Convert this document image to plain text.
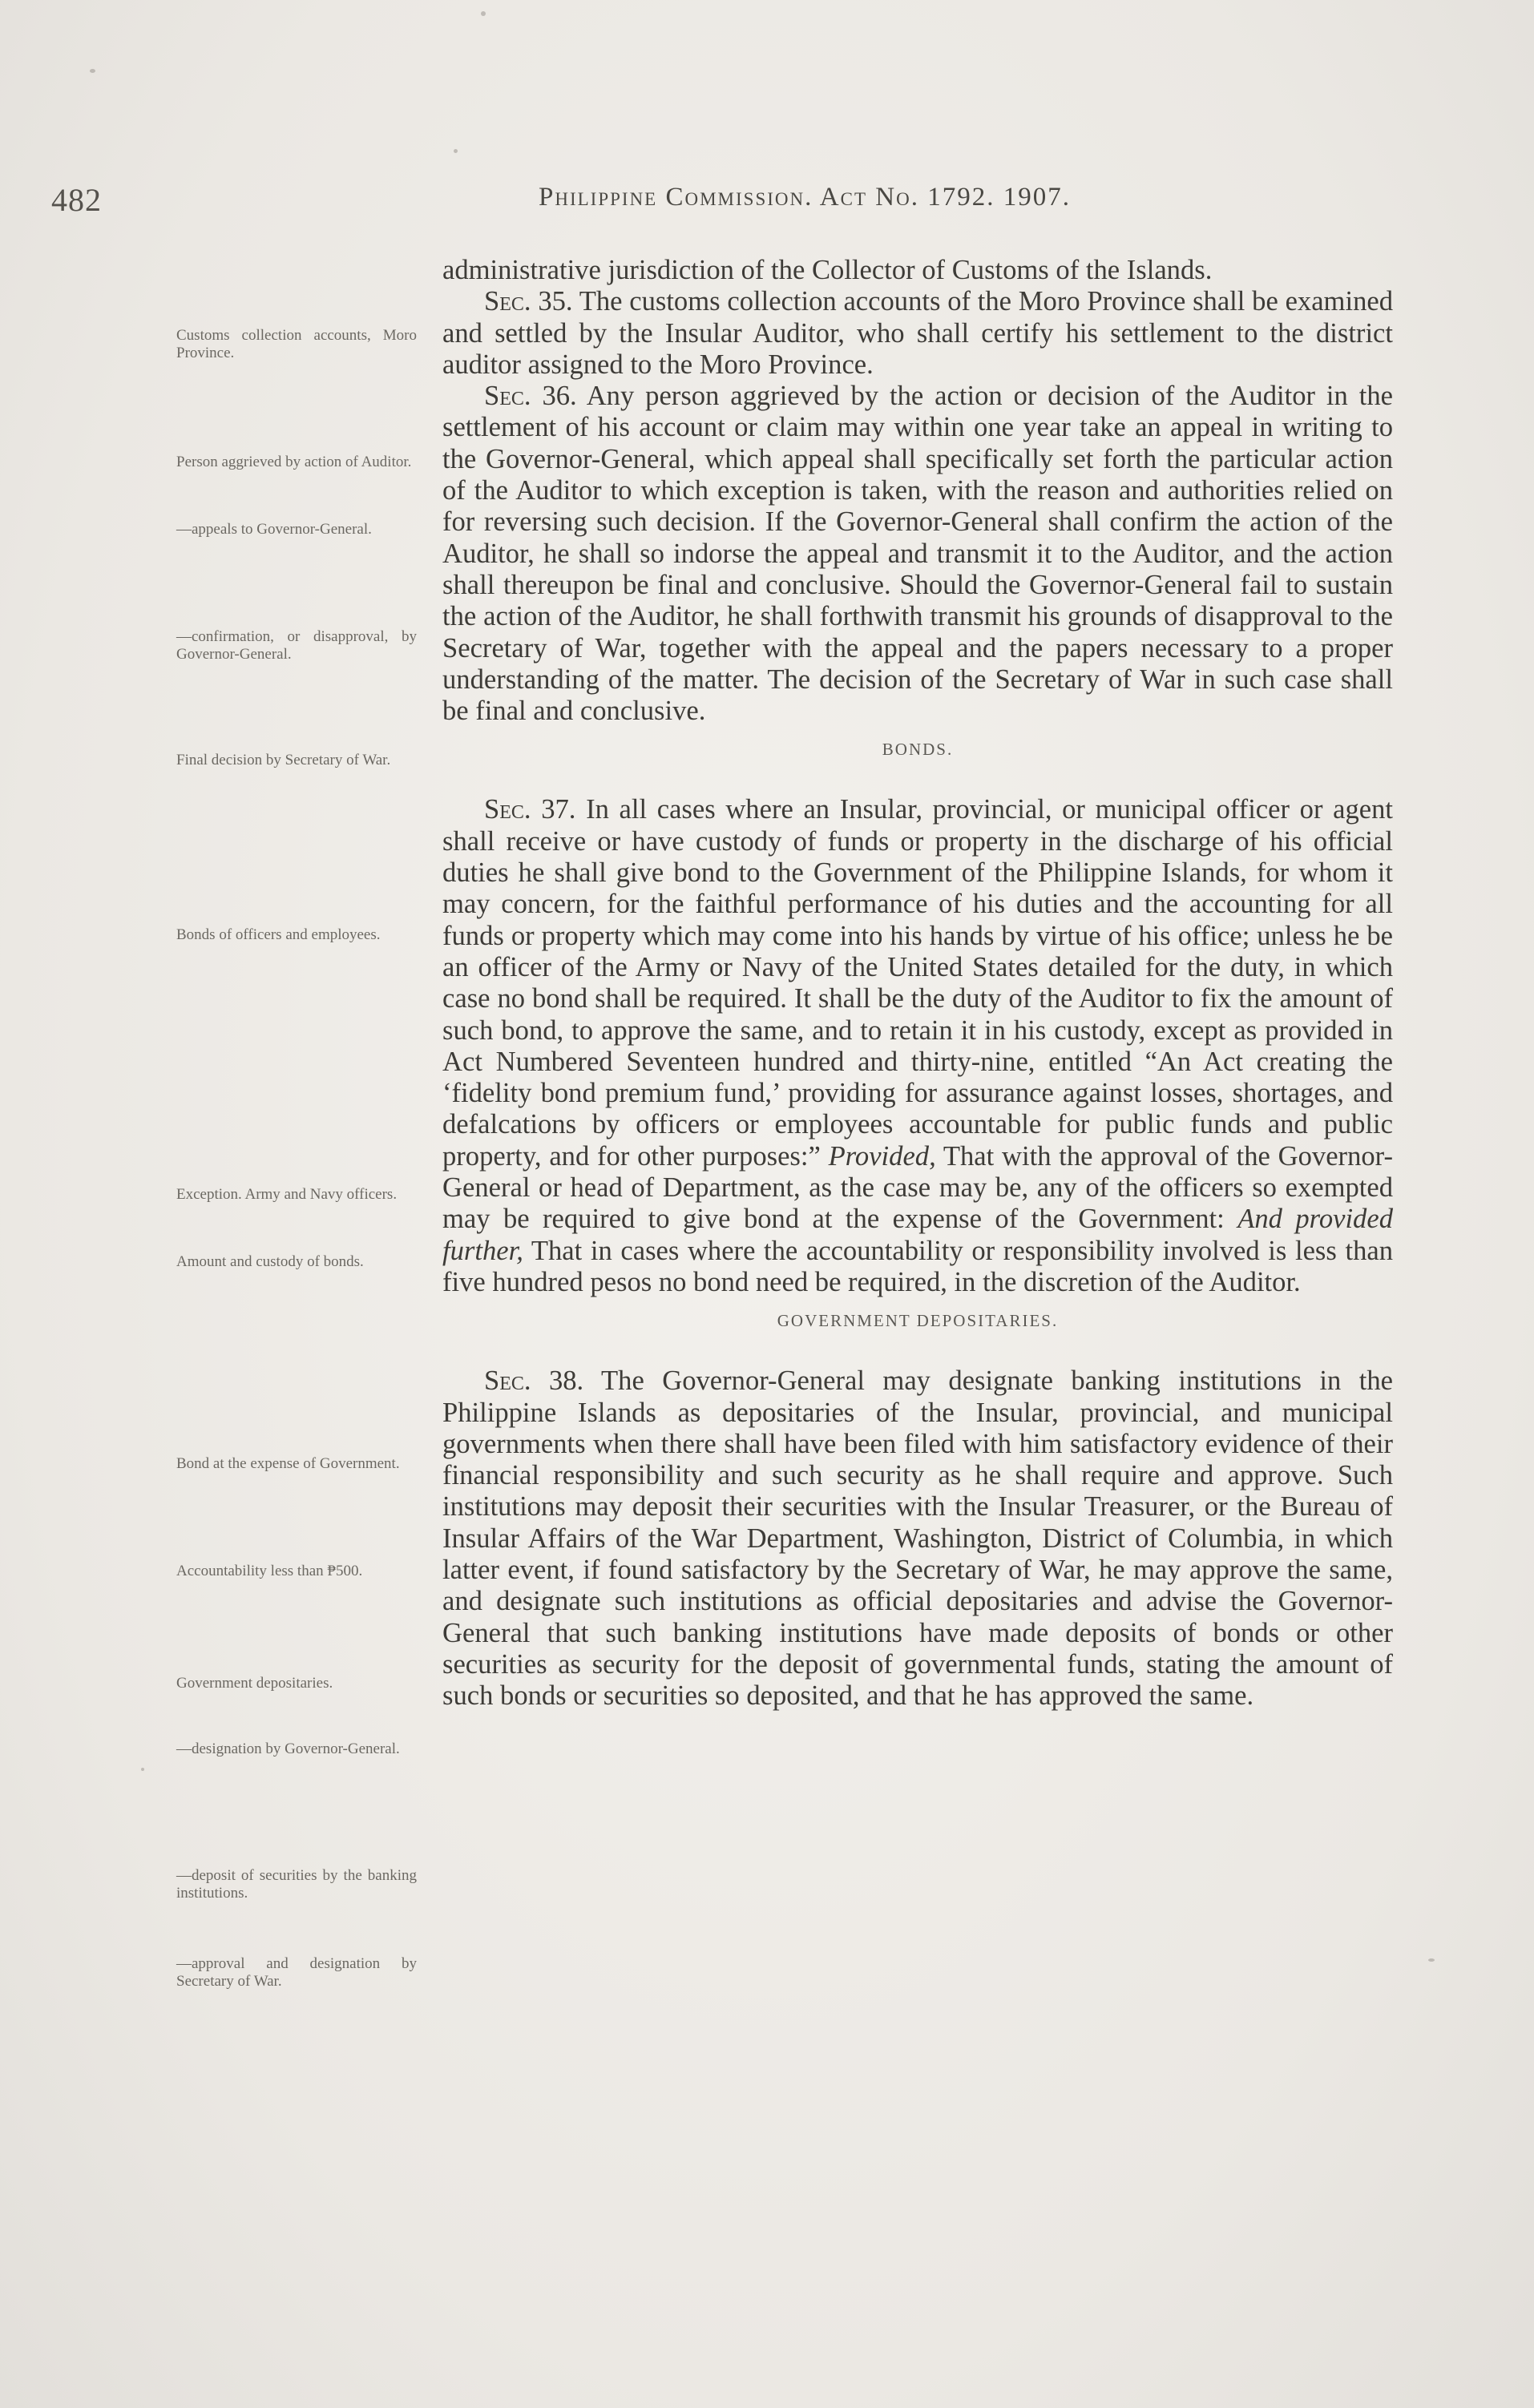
482	Philippine Commission. Act No. 1792. 1907.
Customs collection accounts, Moro Province.
Person aggrieved by action of Auditor.
—appeals to Governor-General.
—confirmation, or disapproval, by Governor-General.
Final decision by Secretary of War.
Bonds of officers and employees.
Exception. Army and Navy officers.
Amount and custody of bonds.
Bond at the expense of Government.
Accountability less than ₱500.
Government depositaries.
—designation by Governor-General.
—deposit of securities by the banking institutions.
—approval and designation by Secretary of War.

administrative jurisdiction of the Collector of Customs of the Islands.

Sec. 35. The customs collection accounts of the Moro Province shall be examined and settled by the Insular Auditor, who shall certify his settlement to the district auditor assigned to the Moro Province.

Sec. 36. Any person aggrieved by the action or decision of the Auditor in the settlement of his account or claim may within one year take an appeal in writing to the Governor-General, which appeal shall specifically set forth the particular action of the Auditor to which exception is taken, with the reason and authorities relied on for reversing such decision. If the Governor-General shall confirm the action of the Auditor, he shall so indorse the appeal and transmit it to the Auditor, and the action shall thereupon be final and conclusive. Should the Governor-General fail to sustain the action of the Auditor, he shall forthwith transmit his grounds of disapproval to the Secretary of War, together with the appeal and the papers necessary to a proper understanding of the matter. The decision of the Secretary of War in such case shall be final and conclusive.

BONDS.

Sec. 37. In all cases where an Insular, provincial, or municipal officer or agent shall receive or have custody of funds or property in the discharge of his official duties he shall give bond to the Government of the Philippine Islands, for whom it may concern, for the faithful performance of his duties and the accounting for all funds or property which may come into his hands by virtue of his office; unless he be an officer of the Army or Navy of the United States detailed for the duty, in which case no bond shall be required. It shall be the duty of the Auditor to fix the amount of such bond, to approve the same, and to retain it in his custody, except as provided in Act Numbered Seventeen hundred and thirty-nine, entitled “An Act creating the ‘fidelity bond premium fund,’ providing for assurance against losses, shortages, and defalcations by officers or employees accountable for public funds and public property, and for other purposes:” Provided, That with the approval of the Governor-General or head of Department, as the case may be, any of the officers so exempted may be required to give bond at the expense of the Government: And provided further, That in cases where the accountability or responsibility involved is less than five hundred pesos no bond need be required, in the discretion of the Auditor.

GOVERNMENT DEPOSITARIES.

Sec. 38. The Governor-General may designate banking institutions in the Philippine Islands as depositaries of the Insular, provincial, and municipal governments when there shall have been filed with him satisfactory evidence of their financial responsibility and such security as he shall require and approve. Such institutions may deposit their securities with the Insular Treasurer, or the Bureau of Insular Affairs of the War Department, Washington, District of Columbia, in which latter event, if found satisfactory by the Secretary of War, he may approve the same, and designate such institutions as official depositaries and advise the Governor-General that such banking institutions have made deposits of bonds or other securities as security for the deposit of governmental funds, stating the amount of such bonds or securities so deposited, and that he has approved the same.
